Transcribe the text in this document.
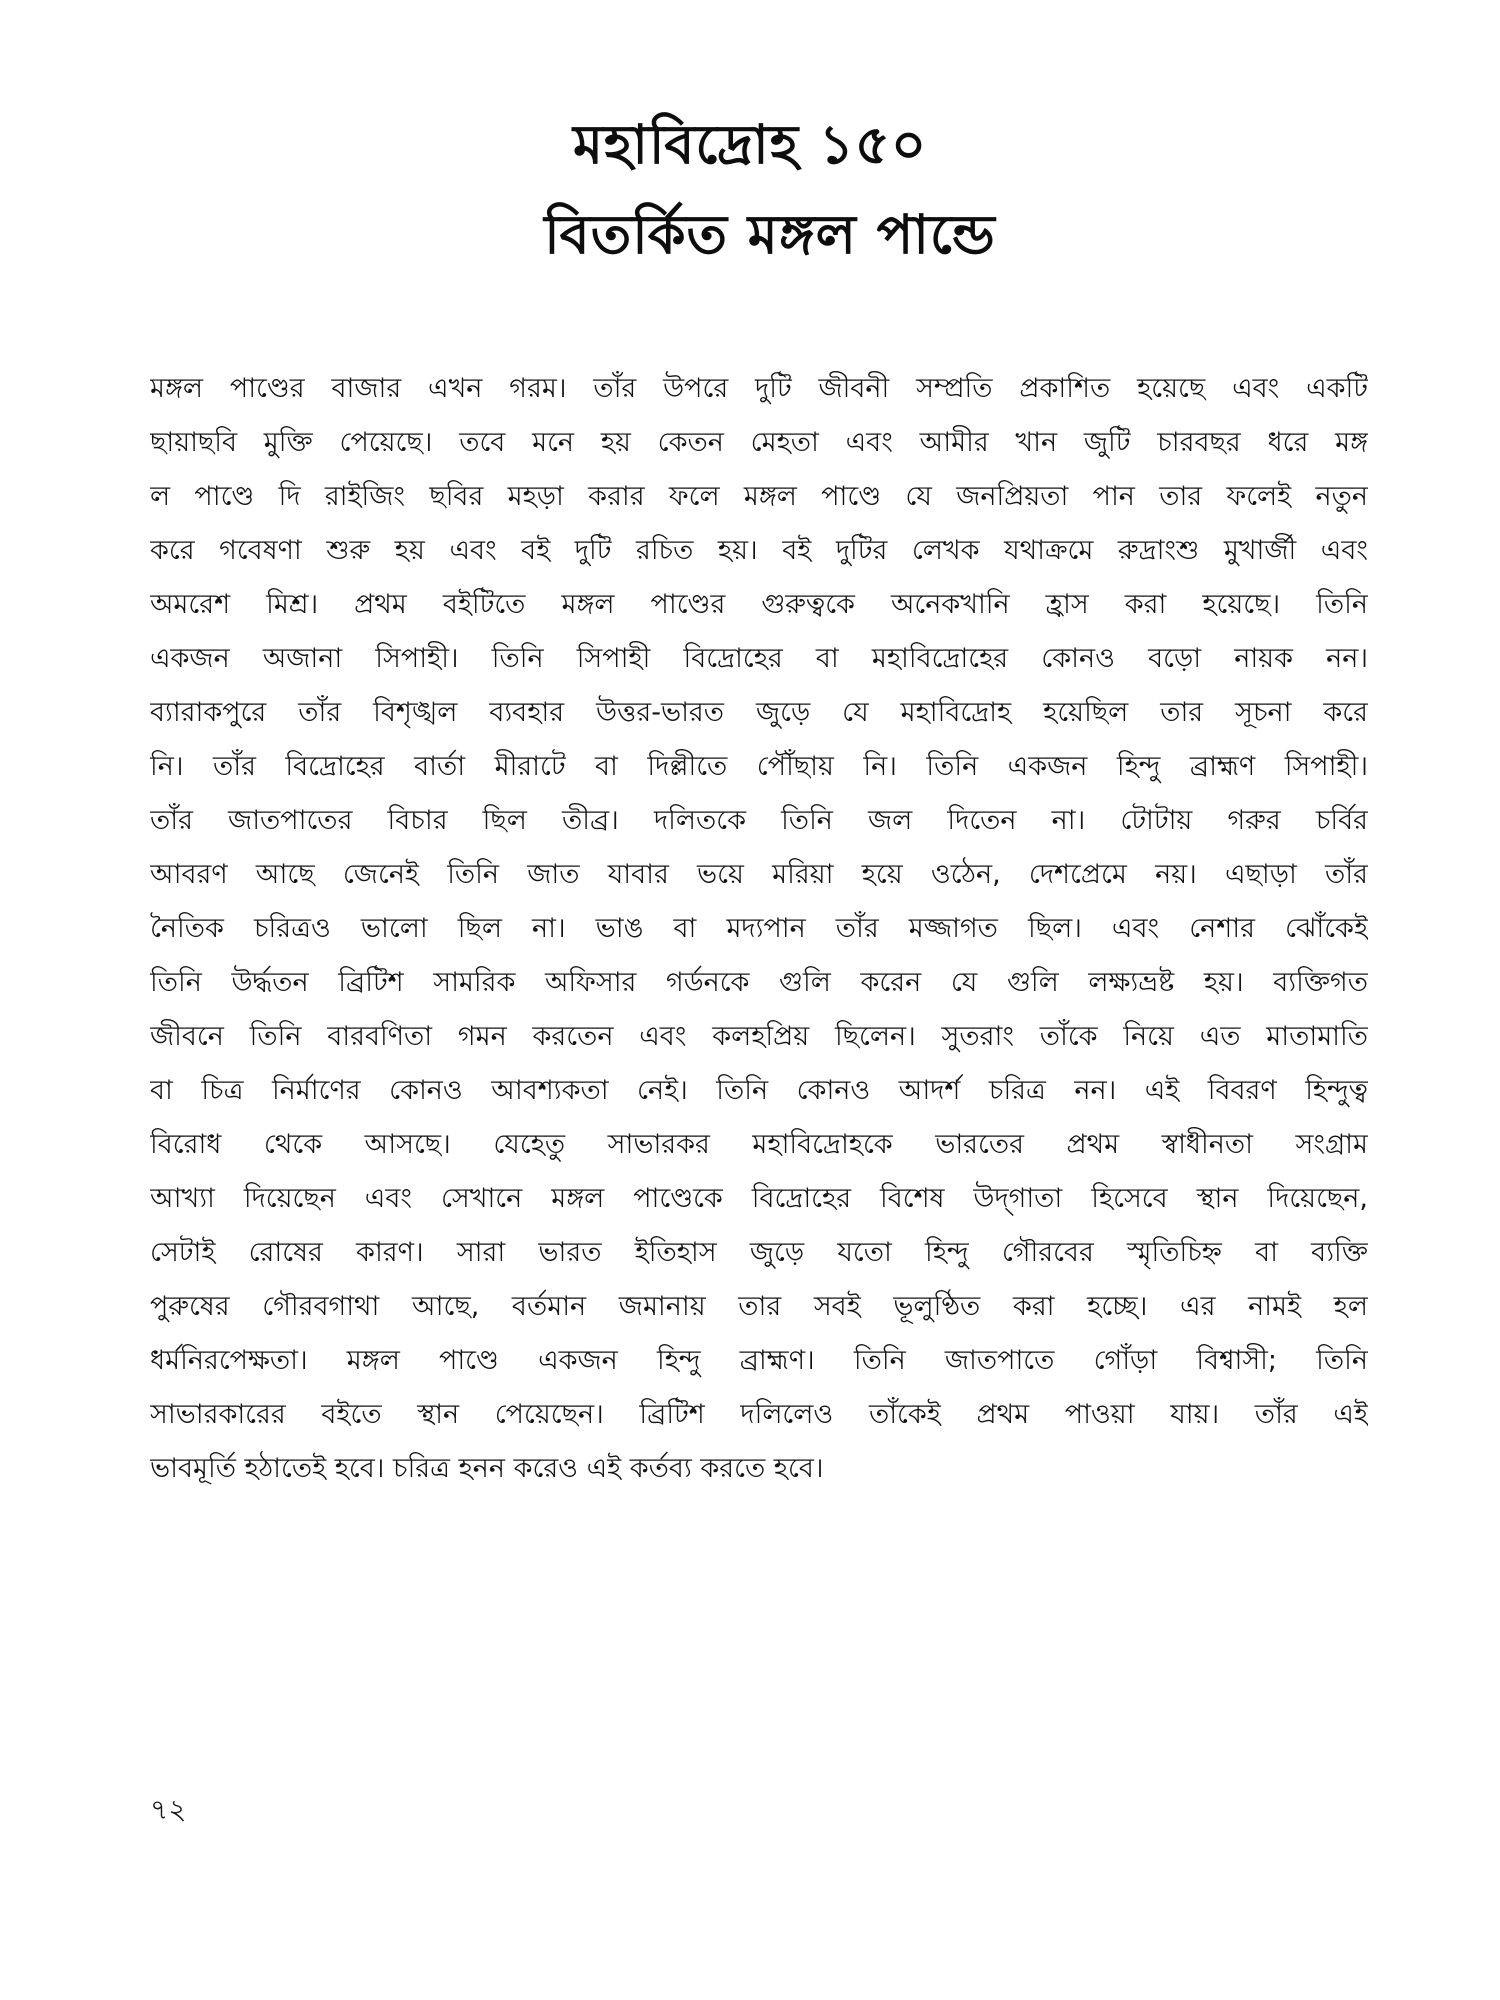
মহাবিদ্রোহ ১৫০
বিতর্কিত মঙ্গল পান্ডে
মঙ্গল পাণ্ডের বাজার এখন গরম। তাঁর উপরে দুটি জীবনী সম্প্রতি প্রকাশিত হয়েছে এবং একটি
ছায়াছবি মুক্তি পেয়েছে। তবে মনে হয় কেতন মেহতা এবং আমীর খান জুটি চারবছর ধরে মঙ্গ
ল পাণ্ডে দি রাইজিং ছবির মহড়া করার ফলে মঙ্গল পাণ্ডে যে জনপ্রিয়তা পান তার ফলেই নতুন
করে গবেষণা শুরু হয় এবং বই দুটি রচিত হয়। বই দুটির লেখক যথাক্রমে রুদ্রাংশু মুখার্জী এবং
অমরেশ মিশ্র। প্রথম বইটিতে মঙ্গল পাণ্ডের গুরুত্বকে অনেকখানি হ্রাস করা হয়েছে। তিনি
একজন অজানা সিপাহী। তিনি সিপাহী বিদ্রোহের বা মহাবিদ্রোহের কোনও বড়ো নায়ক নন।
ব্যারাকপুরে তাঁর বিশৃঙ্খল ব্যবহার উত্তর-ভারত জুড়ে যে মহাবিদ্রোহ হয়েছিল তার সূচনা করে
নি। তাঁর বিদ্রোহের বার্তা মীরাটে বা দিল্লীতে পৌঁছায় নি। তিনি একজন হিন্দু ব্রাহ্মণ সিপাহী।
তাঁর জাতপাতের বিচার ছিল তীব্র। দলিতকে তিনি জল দিতেন না। টোটায় গরুর চর্বির
আবরণ আছে জেনেই তিনি জাত যাবার ভয়ে মরিয়া হয়ে ওঠেন, দেশপ্রেমে নয়। এছাড়া তাঁর
নৈতিক চরিত্রও ভালো ছিল না। ভাঙ বা মদ্যপান তাঁর মজ্জাগত ছিল। এবং নেশার ঝোঁকেই
তিনি উর্দ্ধতন ব্রিটিশ সামরিক অফিসার গর্ডনকে গুলি করেন যে গুলি লক্ষ্যভ্রষ্ট হয়। ব্যক্তিগত
জীবনে তিনি বারবণিতা গমন করতেন এবং কলহপ্রিয় ছিলেন। সুতরাং তাঁকে নিয়ে এত মাতামাতি
বা চিত্র নির্মাণের কোনও আবশ্যকতা নেই। তিনি কোনও আদর্শ চরিত্র নন। এই বিবরণ হিন্দুত্ব
বিরোধ থেকে আসছে। যেহেতু সাভারকর মহাবিদ্রোহকে ভারতের প্রথম স্বাধীনতা সংগ্রাম
আখ্যা দিয়েছেন এবং সেখানে মঙ্গল পাণ্ডেকে বিদ্রোহের বিশেষ উদ্‌গাতা হিসেবে স্থান দিয়েছেন,
সেটাই রোষের কারণ। সারা ভারত ইতিহাস জুড়ে যতো হিন্দু গৌরবের স্মৃতিচিহ্ন বা ব্যক্তি
পুরুষের গৌরবগাথা আছে, বর্তমান জমানায় তার সবই ভূলুণ্ঠিত করা হচ্ছে। এর নামই হল
ধর্মনিরপেক্ষতা। মঙ্গল পাণ্ডে একজন হিন্দু ব্রাহ্মণ। তিনি জাতপাতে গোঁড়া বিশ্বাসী; তিনি
সাভারকারের বইতে স্থান পেয়েছেন। ব্রিটিশ দলিলেও তাঁকেই প্রথম পাওয়া যায়। তাঁর এই
ভাবমূর্তি হঠাতেই হবে। চরিত্র হনন করেও এই কর্তব্য করতে হবে।
৭২
